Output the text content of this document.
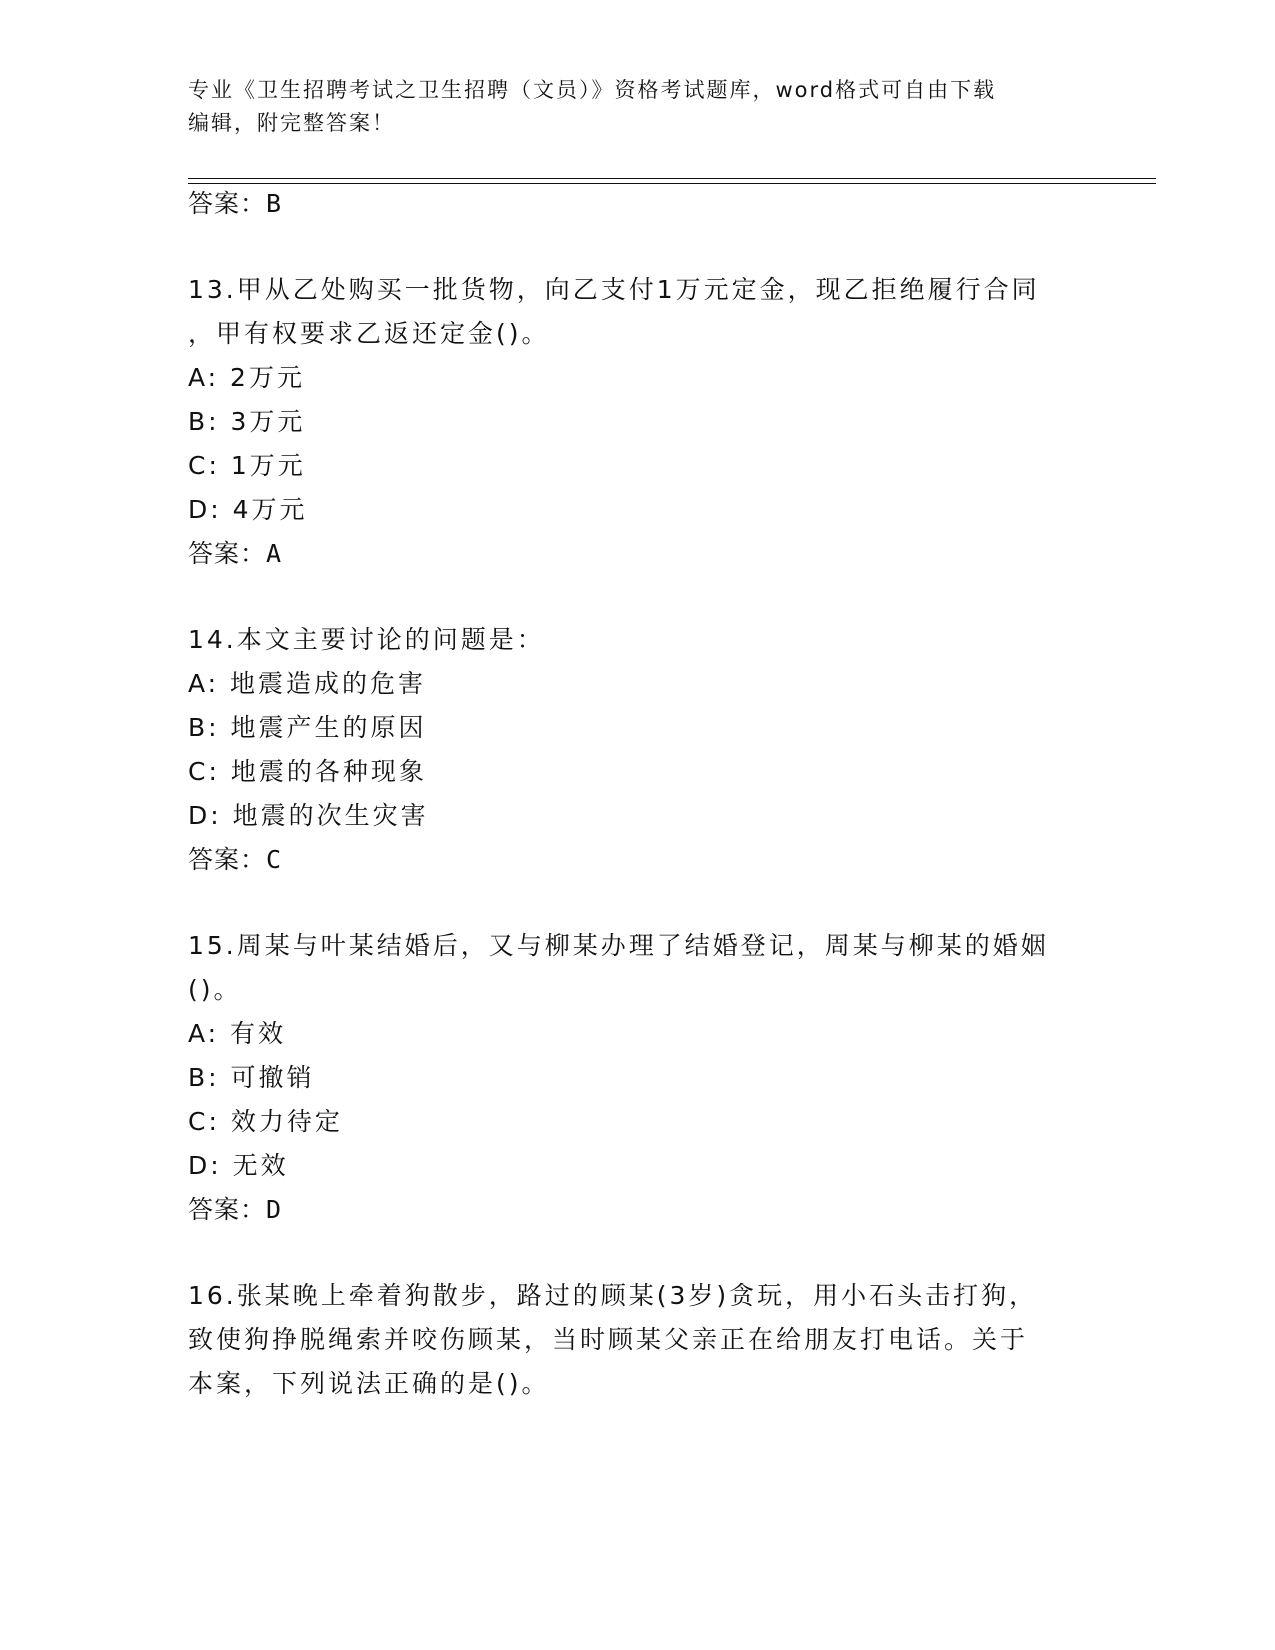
专业《卫生招聘考试之卫生招聘（文员）》资格考试题库，word格式可自由下载
编辑，附完整答案！
答案：B
13.甲从乙处购买一批货物，向乙支付1万元定金，现乙拒绝履行合同
，甲有权要求乙返还定金()。
A: 2万元
B: 3万元
C: 1万元
D: 4万元
答案：A
14.本文主要讨论的问题是：
A: 地震造成的危害
B: 地震产生的原因
C: 地震的各种现象
D: 地震的次生灾害
答案：C
15.周某与叶某结婚后，又与柳某办理了结婚登记，周某与柳某的婚姻
()。
A: 有效
B: 可撤销
C: 效力待定
D: 无效
答案：D
16.张某晚上牵着狗散步，路过的顾某(3岁)贪玩，用小石头击打狗，
致使狗挣脱绳索并咬伤顾某，当时顾某父亲正在给朋友打电话。关于
本案，下列说法正确的是()。
